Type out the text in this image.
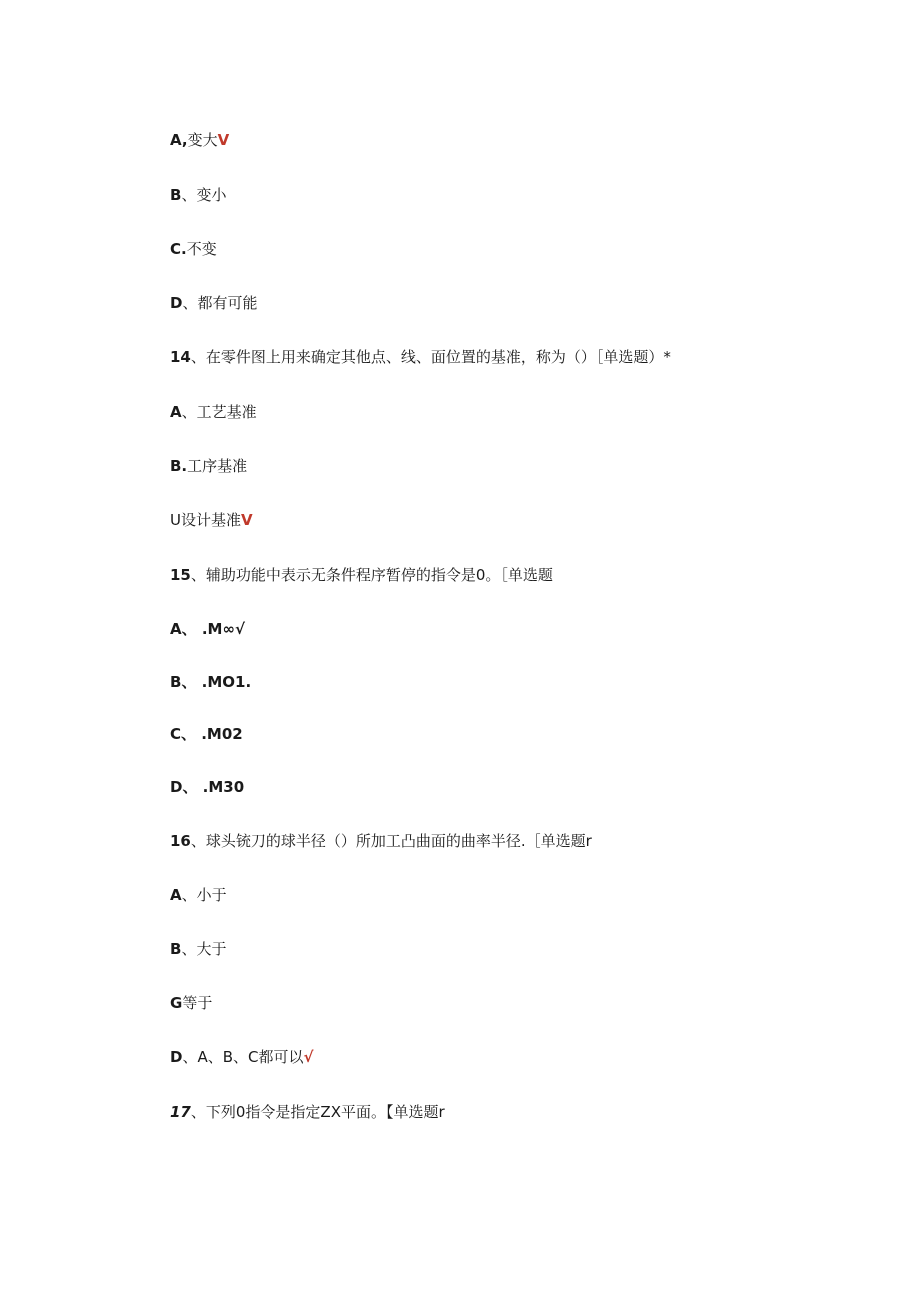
A,变大V
B、变小
C.不变
D、都有可能
14、在零件图上用来确定其他点、线、面位置的基准，称为（）［单选题）*
A、工艺基准
B.工序基准
U设计基准V
15、辅助功能中表示无条件程序暂停的指令是0。［单选题
A、 .M∞√
B、 .MO1.
C、 .M02
D、 .M30
16、球头铳刀的球半径（）所加工凸曲面的曲率半径.［单选题r
A、小于
B、大于
G等于
D、A、B、C都可以√
17、下列0指令是指定ZX平面。【单选题r
